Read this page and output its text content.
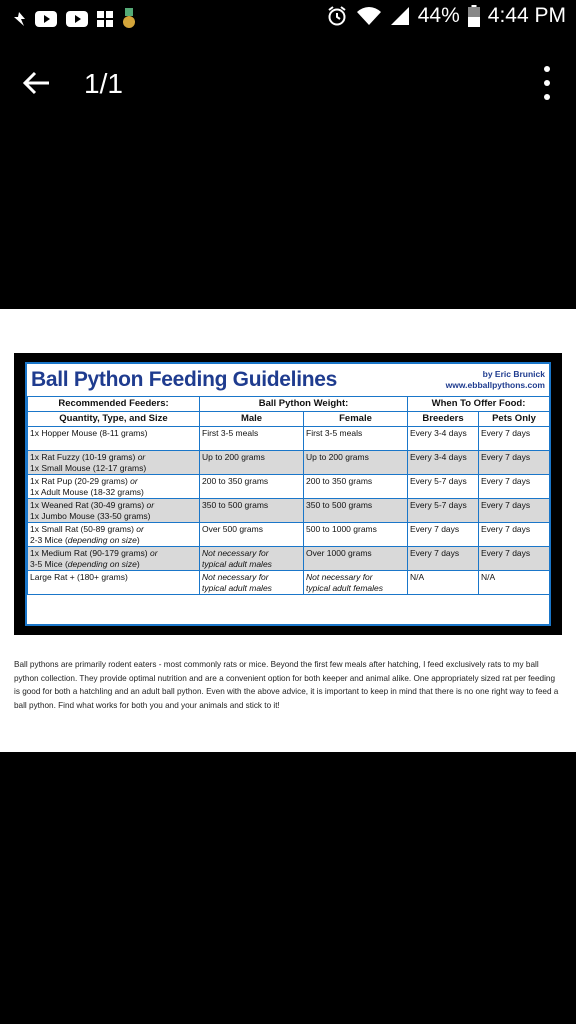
44% 4:44 PM
1/1
Ball Python Feeding Guidelines	by Eric Brunick
www.ebballpythons.com
Recommended Feeders:	Ball Python Weight:		When To Offer Food:	
Quantity, Type, and Size	Male	Female	Breeders	Pets Only
1x Hopper Mouse (8-11 grams)	First 3-5 meals	First 3-5 meals	Every 3-4 days	Every 7 days
1x Rat Fuzzy (10-19 grams) or
1x Small Mouse (12-17 grams)	Up to 200 grams	Up to 200 grams	Every 3-4 days	Every 7 days
1x Rat Pup (20-29 grams) or
1x Adult Mouse (18-32 grams)	200 to 350 grams	200 to 350 grams	Every 5-7 days	Every 7 days
1x Weaned Rat (30-49 grams) or
1x Jumbo Mouse (33-50 grams)	350 to 500 grams	350 to 500 grams	Every 5-7 days	Every 7 days
1x Small Rat (50-89 grams) or
2-3 Mice (depending on size)	Over 500 grams	500 to 1000 grams	Every 7 days	Every 7 days
1x Medium Rat (90-179 grams) or
3-5 Mice (depending on size)	Not necessary for
typical adult males	Over 1000 grams	Every 7 days	Every 7 days
Large Rat + (180+ grams)	Not necessary for
typical adult males	Not necessary for
typical adult females	N/A	N/A
Ball pythons are primarily rodent eaters - most commonly rats or mice. Beyond the first few meals after hatching, I feed exclusively rats to my ball python collection. They provide optimal nutrition and are a convenient option for both keeper and animal alike. One appropriately sized rat per feeding is good for both a hatchling and an adult ball python. Even with the above advice, it is important to keep in mind that there is no one right way to feed a ball python. Find what works for both you and your animals and stick to it!
